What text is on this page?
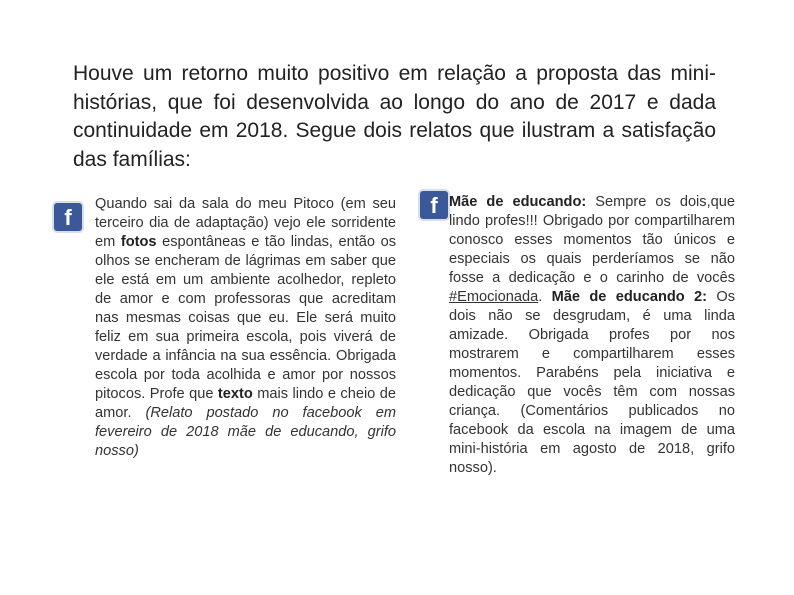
Houve um retorno muito positivo em relação a proposta das mini-histórias, que foi desenvolvida ao longo do ano de 2017 e dada continuidade em 2018. Segue dois relatos que ilustram a satisfação das famílias:

f

Quando sai da sala do meu Pitoco (em seu terceiro dia de adaptação) vejo ele sorridente em fotos espontâneas e tão lindas, então os olhos se encheram de lágrimas em saber que ele está em um ambiente acolhedor, repleto de amor e com professoras que acreditam nas mesmas coisas que eu. Ele será muito feliz em sua primeira escola, pois viverá de verdade a infância na sua essência. Obrigada escola por toda acolhida e amor por nossos pitocos. Profe que texto mais lindo e cheio de amor. (Relato postado no facebook em fevereiro de 2018 mãe de educando, grifo nosso)

f Mãe de educando: Sempre os dois,que lindo profes!!! Obrigado por compartilharem conosco esses momentos tão únicos e especiais os quais perderíamos se não fosse a dedicação e o carinho de vocês #Emocionada. Mãe de educando 2: Os dois não se desgrudam, é uma linda amizade. Obrigada profes por nos mostrarem e compartilharem esses momentos. Parabéns pela iniciativa e dedicação que vocês têm com nossas criança. (Comentários publicados no facebook da escola na imagem de uma mini-história em agosto de 2018, grifo nosso).
